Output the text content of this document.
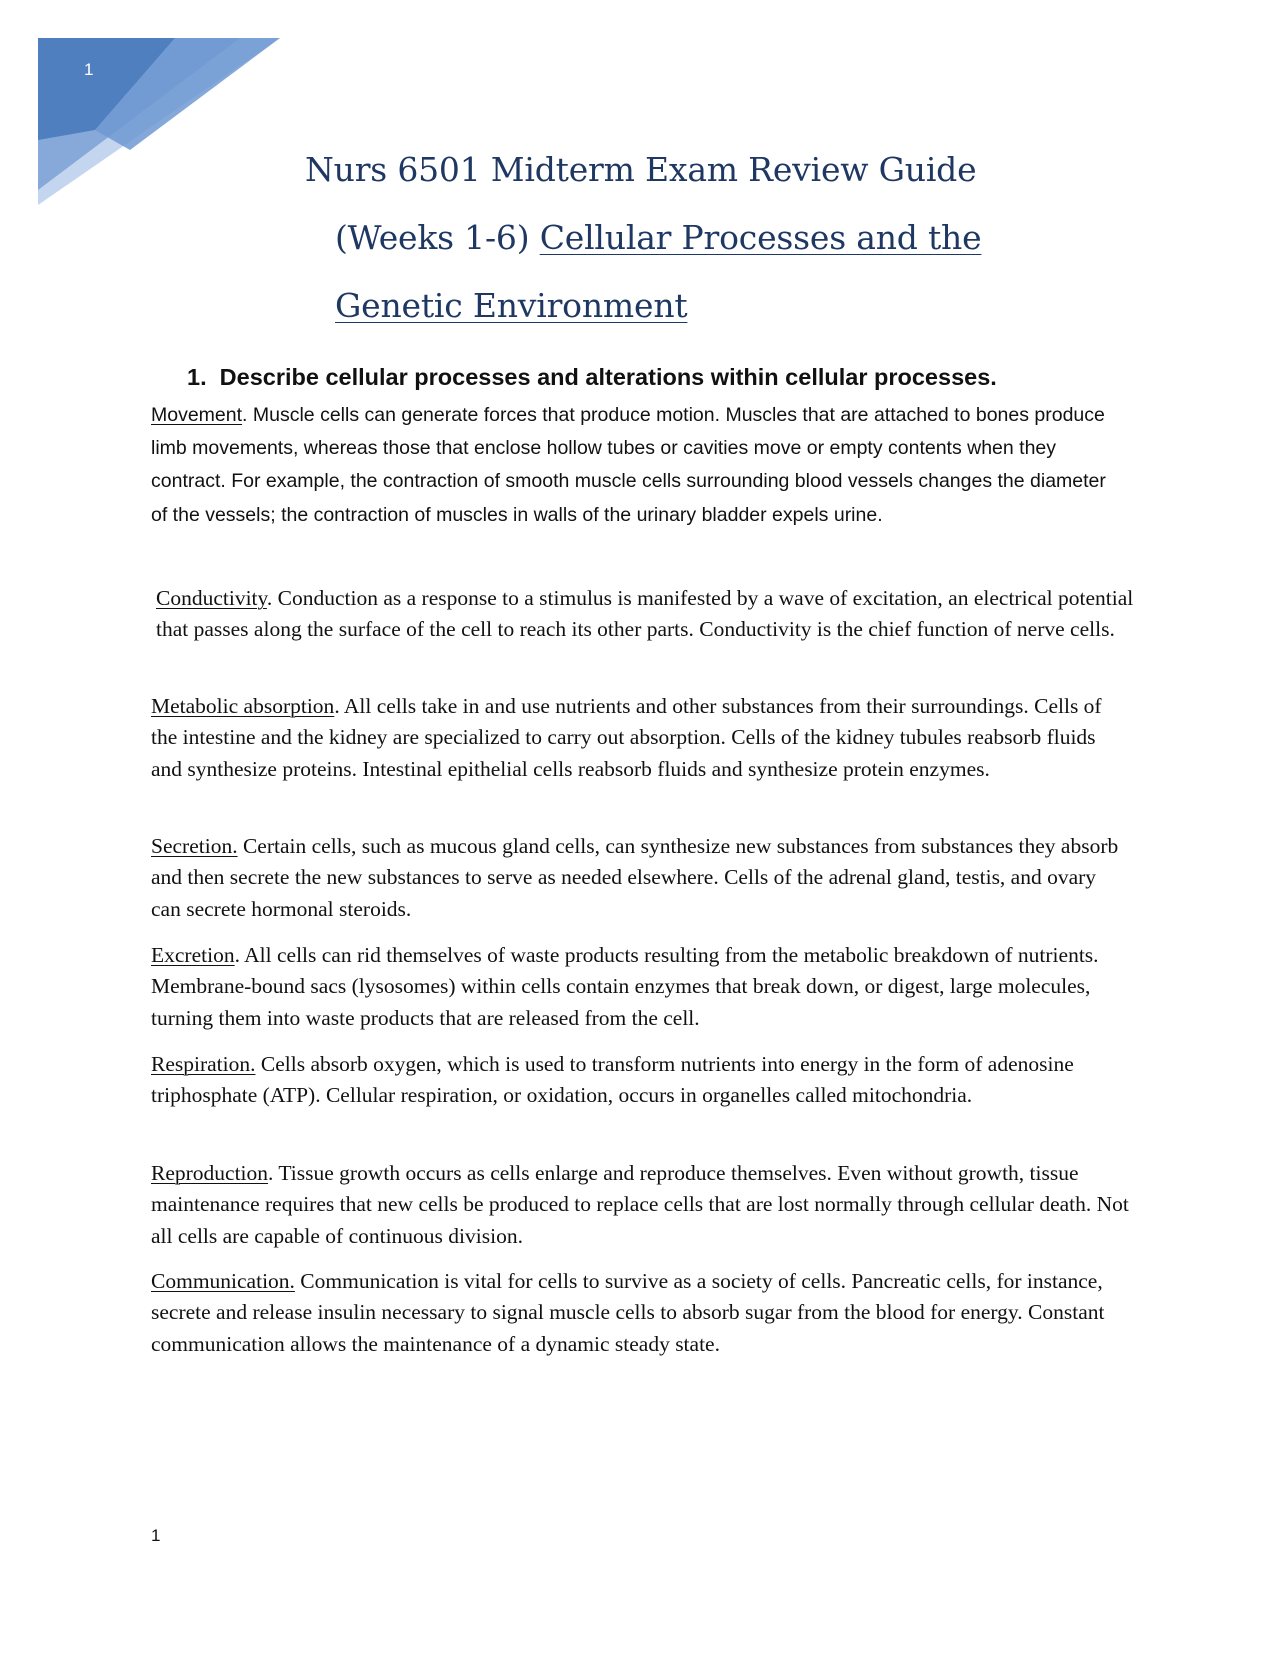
1
Nurs 6501 Midterm Exam Review Guide
(Weeks 1-6) Cellular Processes and the
Genetic Environment
1. Describe cellular processes and alterations within cellular processes.
Movement. Muscle cells can generate forces that produce motion. Muscles that are attached to bones produce limb movements, whereas those that enclose hollow tubes or cavities move or empty contents when they contract. For example, the contraction of smooth muscle cells surrounding blood vessels changes the diameter of the vessels; the contraction of muscles in walls of the urinary bladder expels urine.
Conductivity. Conduction as a response to a stimulus is manifested by a wave of excitation, an electrical potential that passes along the surface of the cell to reach its other parts. Conductivity is the chief function of nerve cells.
Metabolic absorption. All cells take in and use nutrients and other substances from their surroundings. Cells of the intestine and the kidney are specialized to carry out absorption. Cells of the kidney tubules reabsorb fluids and synthesize proteins. Intestinal epithelial cells reabsorb fluids and synthesize protein enzymes.
Secretion. Certain cells, such as mucous gland cells, can synthesize new substances from substances they absorb and then secrete the new substances to serve as needed elsewhere. Cells of the adrenal gland, testis, and ovary can secrete hormonal steroids.
Excretion. All cells can rid themselves of waste products resulting from the metabolic breakdown of nutrients. Membrane-bound sacs (lysosomes) within cells contain enzymes that break down, or digest, large molecules, turning them into waste products that are released from the cell.
Respiration. Cells absorb oxygen, which is used to transform nutrients into energy in the form of adenosine triphosphate (ATP). Cellular respiration, or oxidation, occurs in organelles called mitochondria.
Reproduction. Tissue growth occurs as cells enlarge and reproduce themselves. Even without growth, tissue maintenance requires that new cells be produced to replace cells that are lost normally through cellular death. Not all cells are capable of continuous division.
Communication. Communication is vital for cells to survive as a society of cells. Pancreatic cells, for instance, secrete and release insulin necessary to signal muscle cells to absorb sugar from the blood for energy. Constant communication allows the maintenance of a dynamic steady state.
1
